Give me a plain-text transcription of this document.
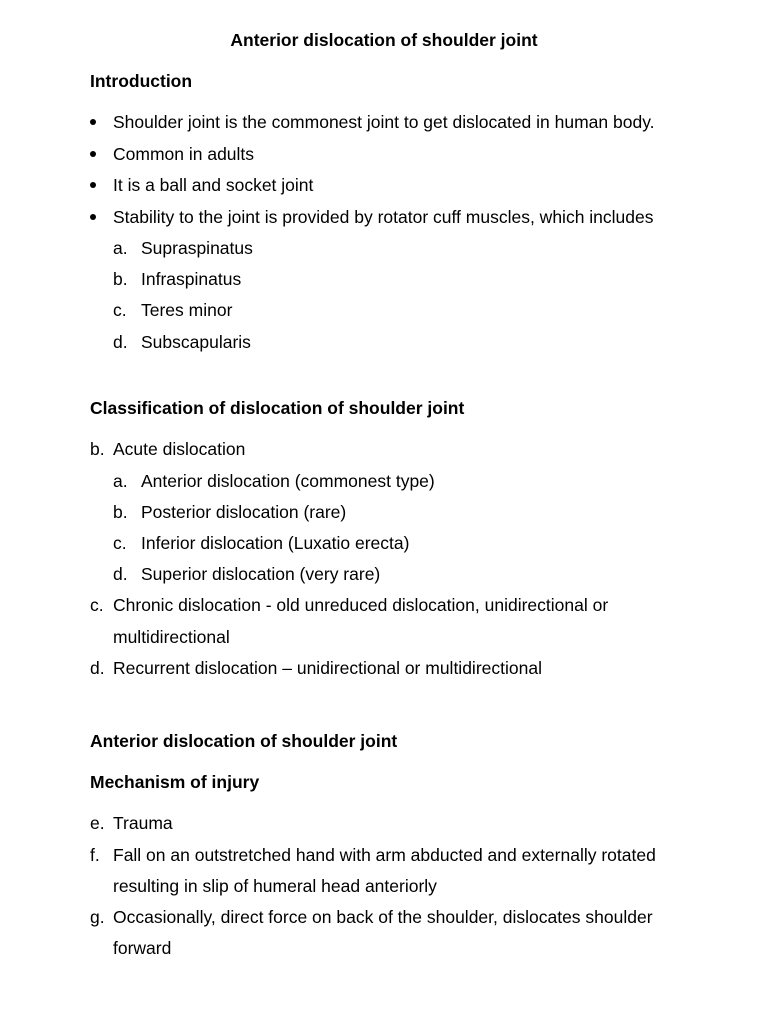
Anterior dislocation of shoulder joint
Introduction
Shoulder joint is the commonest joint to get dislocated in human body.
Common in adults
It is a ball and socket joint
Stability to the joint is provided by rotator cuff muscles, which includes
a. Supraspinatus
b. Infraspinatus
c. Teres minor
d. Subscapularis
Classification of dislocation of shoulder joint
b. Acute dislocation
a. Anterior dislocation (commonest type)
b. Posterior dislocation (rare)
c. Inferior dislocation (Luxatio erecta)
d. Superior dislocation (very rare)
c. Chronic dislocation - old unreduced dislocation, unidirectional or
multidirectional
d. Recurrent dislocation – unidirectional or multidirectional
Anterior dislocation of shoulder joint
Mechanism of injury
e. Trauma
f. Fall on an outstretched hand with arm abducted and externally rotated
resulting in slip of humeral head anteriorly
g. Occasionally, direct force on back of the shoulder, dislocates shoulder
forward
